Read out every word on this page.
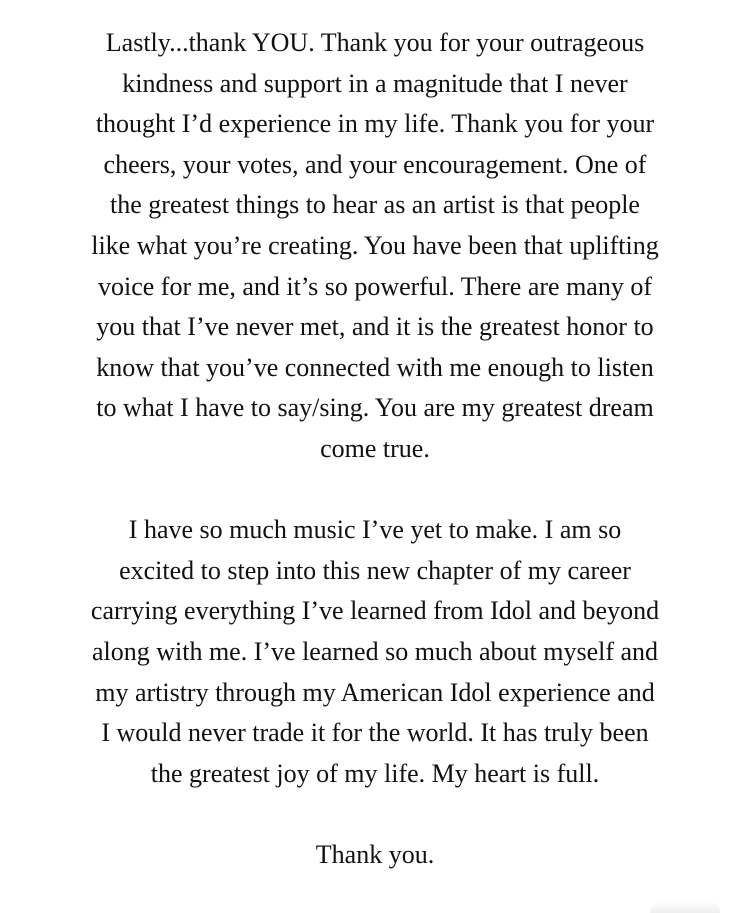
Lastly...thank YOU. Thank you for your outrageous
kindness and support in a magnitude that I never
thought I’d experience in my life. Thank you for your
cheers, your votes, and your encouragement. One of
the greatest things to hear as an artist is that people
like what you’re creating. You have been that uplifting
voice for me, and it’s so powerful. There are many of
you that I’ve never met, and it is the greatest honor to
know that you’ve connected with me enough to listen
to what I have to say/sing. You are my greatest dream
come true.

I have so much music I’ve yet to make. I am so
excited to step into this new chapter of my career
carrying everything I’ve learned from Idol and beyond
along with me. I’ve learned so much about myself and
my artistry through my American Idol experience and
I would never trade it for the world. It has truly been
the greatest joy of my life. My heart is full.

Thank you.
